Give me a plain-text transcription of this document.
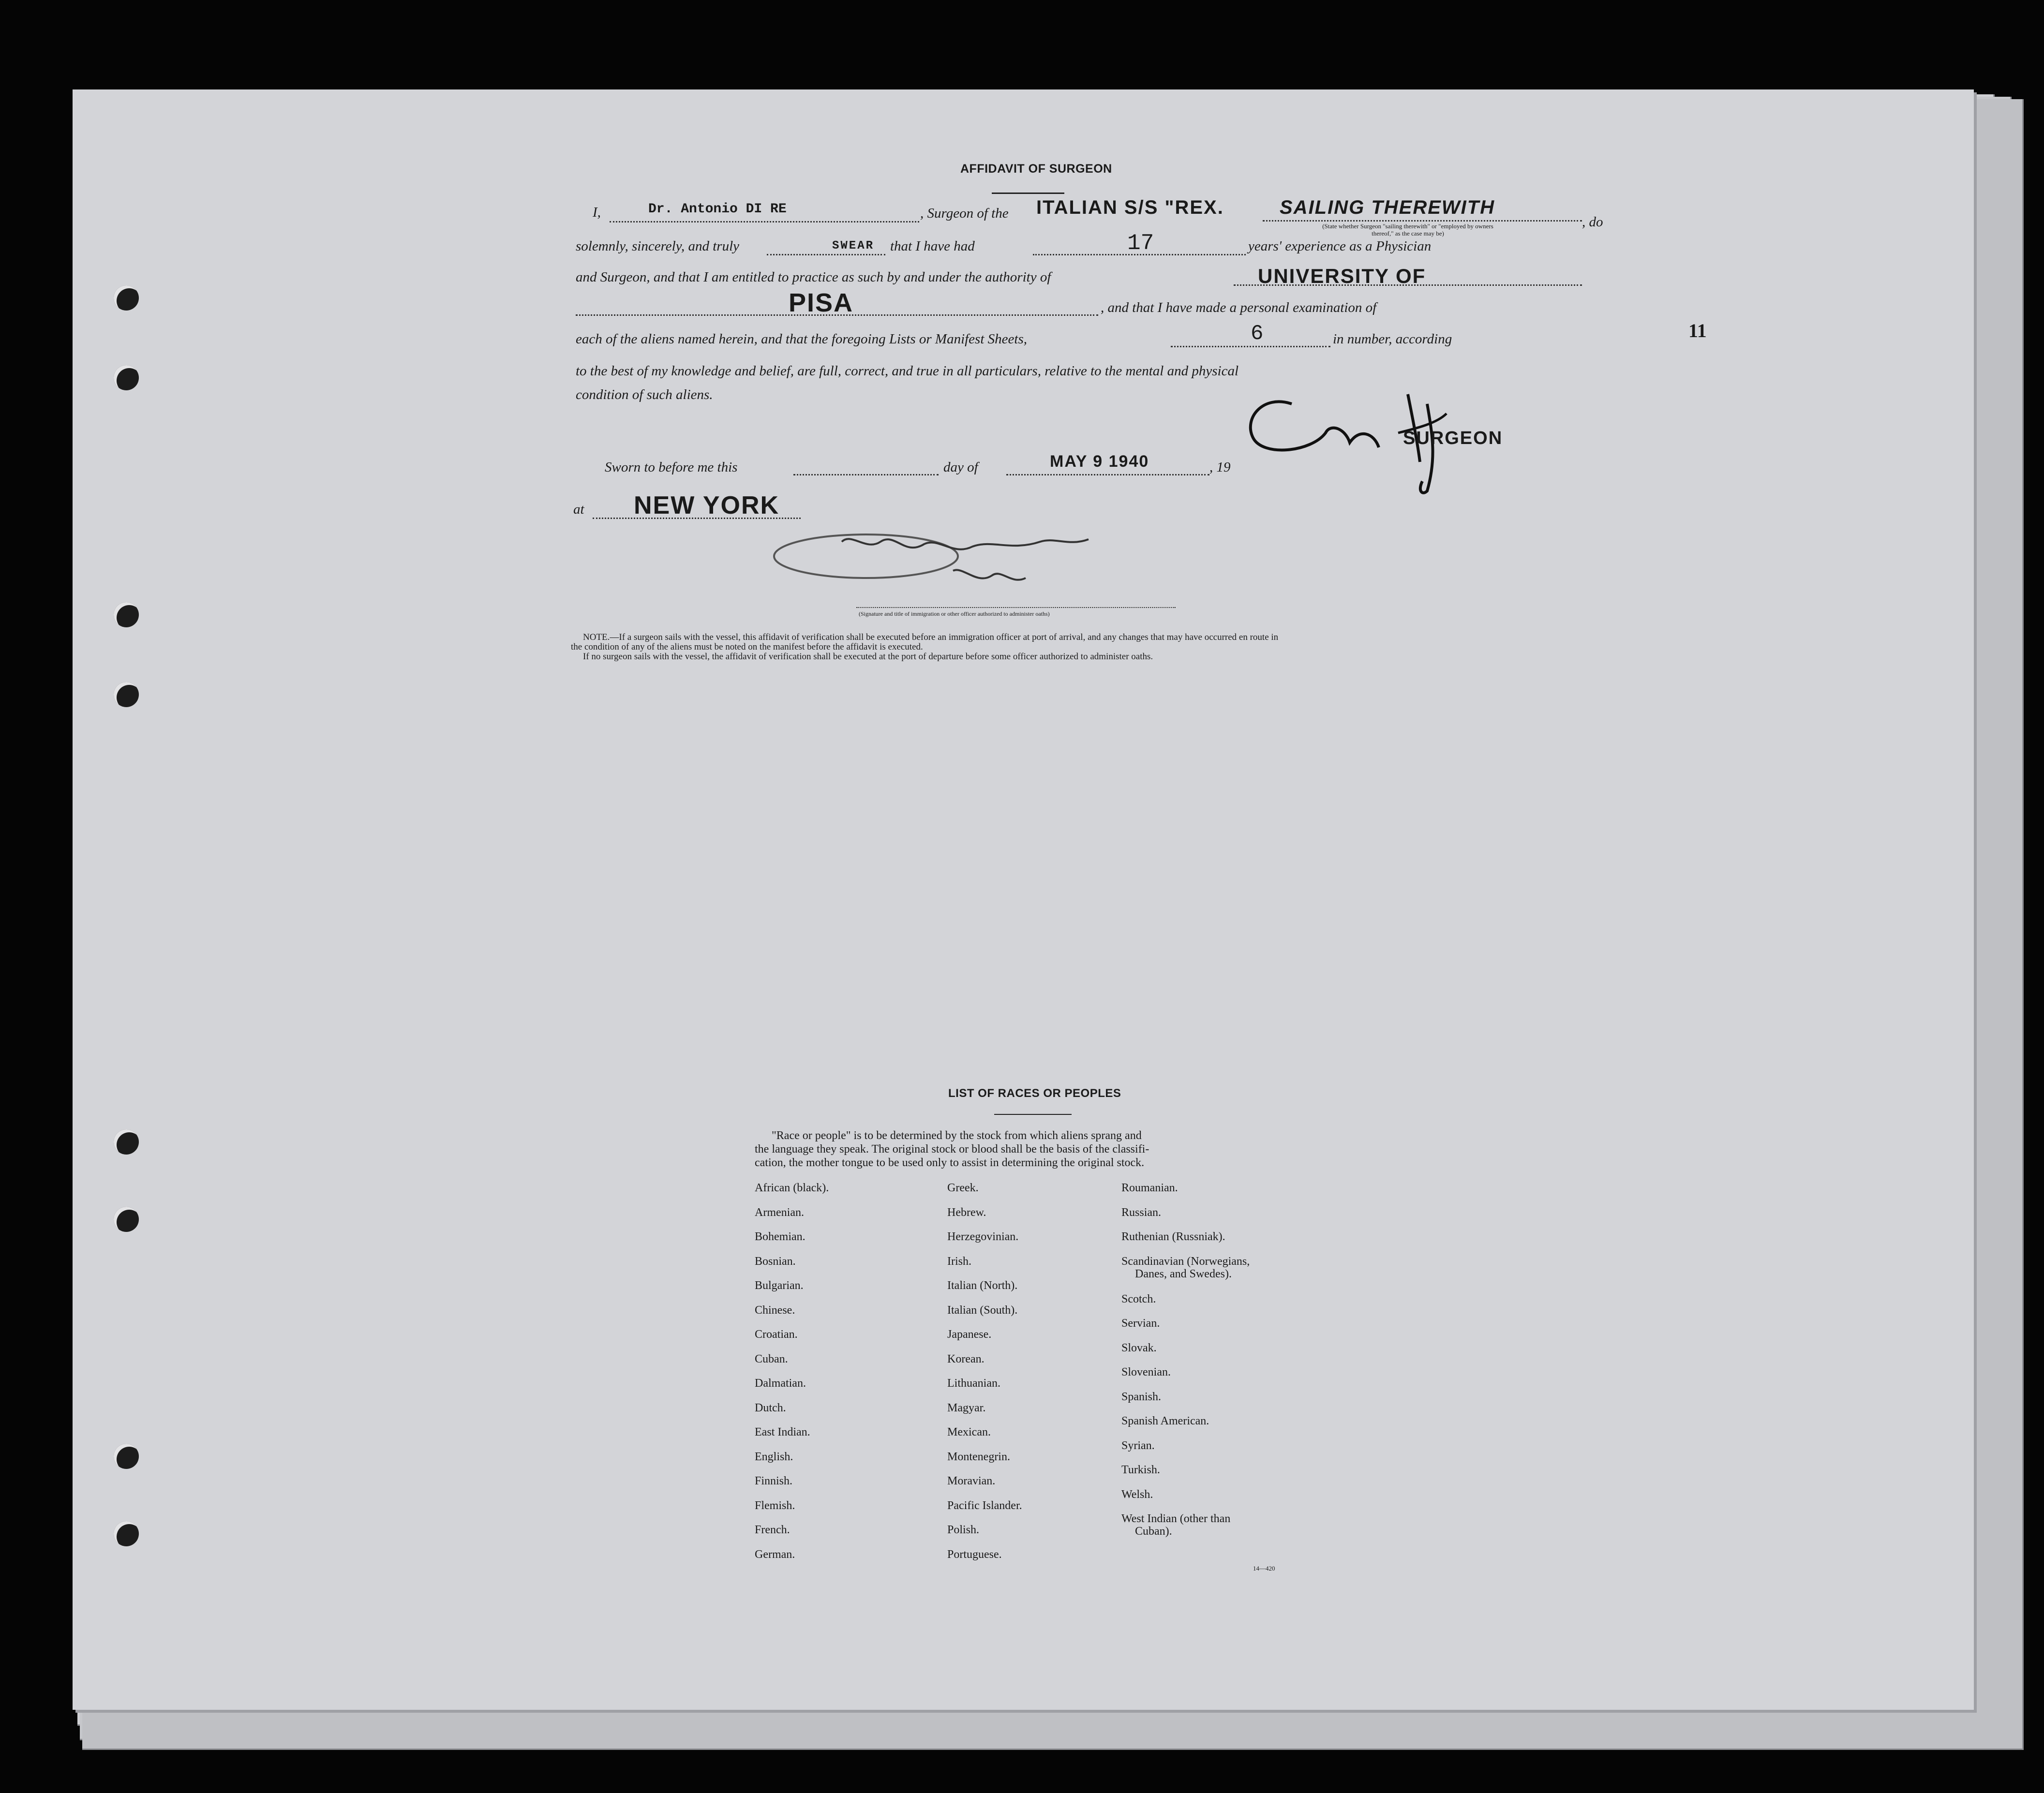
11
AFFIDAVIT OF SURGEON
I,	Dr. Antonio DI RE	, Surgeon of the ITALIAN S/S "REX.	SAILING THEREWITH
, do
(State whether Surgeon "sailing therewith" or "employed by owners thereof," as the case may be)
solemnly, sincerely, and truly	SWEAR that I have had	17	years' experience as a Physician
and Surgeon, and that I am entitled to practice as such by and under the authority of	UNIVERSITY OF
PISA	, and that I have made a personal examination of
each of the aliens named herein, and that the foregoing Lists or Manifest Sheets,	6	in number, according
to the best of my knowledge and belief, are full, correct, and true in all particulars, relative to the mental and physical
condition of such aliens.
SURGEON
Sworn to before me this	day of	MAY 9 1940	, 19
at NEW YORK
(Signature and title of immigration or other officer authorized to administer oaths)
NOTE.—If a surgeon sails with the vessel, this affidavit of verification shall be executed before an immigration officer at port of arrival, and any changes that may have occurred en route in
the condition of any of the aliens must be noted on the manifest before the affidavit is executed.
If no surgeon sails with the vessel, the affidavit of verification shall be executed at the port of departure before some officer authorized to administer oaths.
LIST OF RACES OR PEOPLES
"Race or people" is to be determined by the stock from which aliens sprang and
the language they speak. The original stock or blood shall be the basis of the classifi-
cation, the mother tongue to be used only to assist in determining the original stock.
African (black).
Armenian.
Bohemian.
Bosnian.
Bulgarian.
Chinese.
Croatian.
Cuban.
Dalmatian.
Dutch.
East Indian.
English.
Finnish.
Flemish.
French.
German.
Greek.
Hebrew.
Herzegovinian.
Irish.
Italian (North).
Italian (South).
Japanese.
Korean.
Lithuanian.
Magyar.
Mexican.
Montenegrin.
Moravian.
Pacific Islander.
Polish.
Portuguese.
Roumanian.
Russian.
Ruthenian (Russniak).
Scandinavian (Norwegians,
Danes, and Swedes).
Scotch.
Servian.
Slovak.
Slovenian.
Spanish.
Spanish American.
Syrian.
Turkish.
Welsh.
West Indian (other than
Cuban).
14—420
